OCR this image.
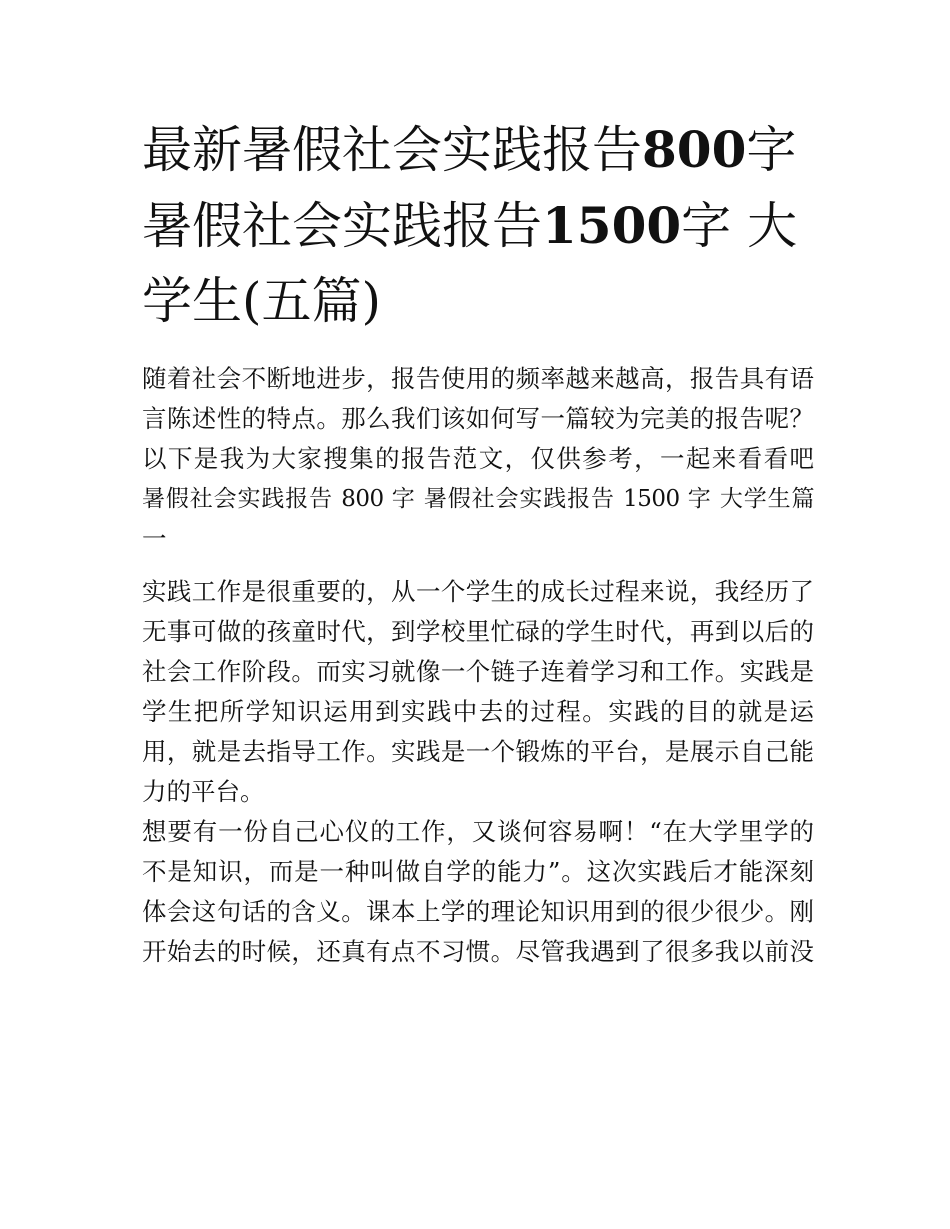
最新暑假社会实践报告800字
暑假社会实践报告1500字 大
学生(五篇)
随着社会不断地进步，报告使用的频率越来越高，报告具有语
言陈述性的特点。那么我们该如何写一篇较为完美的报告呢？
以下是我为大家搜集的报告范文，仅供参考，一起来看看吧
暑假社会实践报告 800 字 暑假社会实践报告 1500 字 大学生篇
一
实践工作是很重要的，从一个学生的成长过程来说，我经历了
无事可做的孩童时代，到学校里忙碌的学生时代，再到以后的
社会工作阶段。而实习就像一个链子连着学习和工作。实践是
学生把所学知识运用到实践中去的过程。实践的目的就是运
用，就是去指导工作。实践是一个锻炼的平台，是展示自己能
力的平台。
想要有一份自己心仪的工作，又谈何容易啊！“在大学里学的
不是知识，而是一种叫做自学的能力”。这次实践后才能深刻
体会这句话的含义。课本上学的理论知识用到的很少很少。刚
开始去的时候，还真有点不习惯。尽管我遇到了很多我以前没
